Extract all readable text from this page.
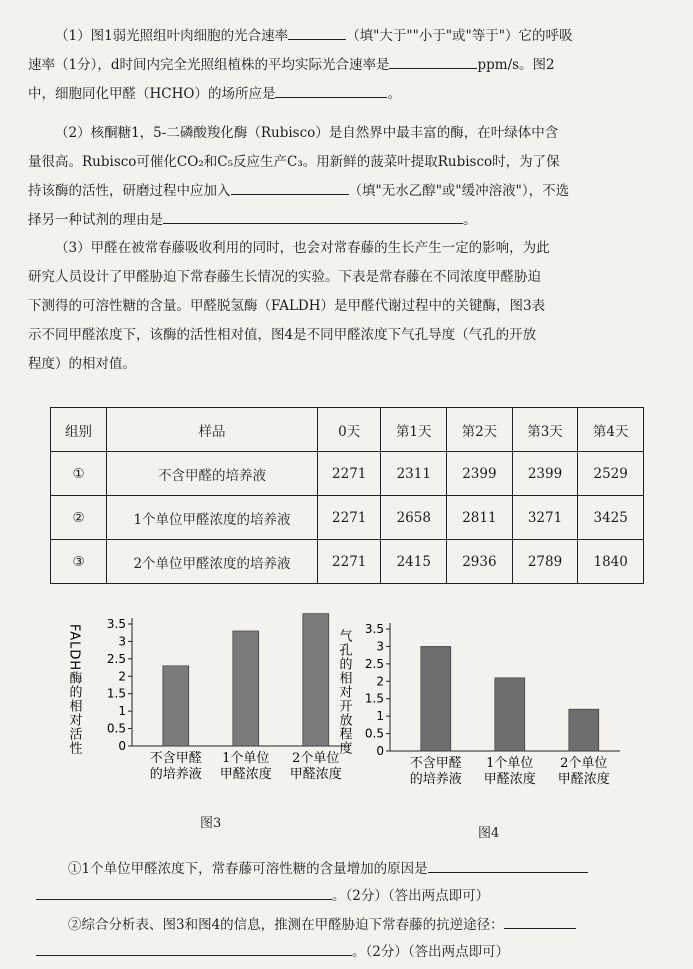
（1）图1弱光照组叶肉细胞的光合速率	（填"大于""小于"或"等于"）它的呼吸
速率（1分），d时间内完全光照组植株的平均实际光合速率是	ppm/s。图2
中，细胞同化甲醛（HCHO）的场所应是	。
（2）核酮糖1，5-二磷酸羧化酶（Rubisco）是自然界中最丰富的酶，在叶绿体中含
量很高。Rubisco可催化CO₂和C₅反应生产C₃。用新鲜的菠菜叶提取Rubisco时，为了保
持该酶的活性，研磨过程中应加入	（填"无水乙醇"或"缓冲溶液"），不选
择另一种试剂的理由是	。
（3）甲醛在被常春藤吸收利用的同时，也会对常春藤的生长产生一定的影响，为此
研究人员设计了甲醛胁迫下常春藤生长情况的实验。下表是常春藤在不同浓度甲醛胁迫
下测得的可溶性糖的含量。甲醛脱氢酶（FALDH）是甲醛代谢过程中的关键酶，图3表
示不同甲醛浓度下，该酶的活性相对值，图4是不同甲醛浓度下气孔导度（气孔的开放
程度）的相对值。
组别	样品	0天	第1天	第2天	第3天	第4天
①	不含甲醛的培养液	2271	2311	2399	2399	2529
②	1个单位甲醛浓度的培养液	2271	2658	2811	3271	3425
③	2个单位甲醛浓度的培养液	2271	2415	2936	2789	1840
FALDH酶的相对活性	0
0.5
1
1.5
2
2.5
3
3.5
不含甲醛
的培养液
1个单位
甲醛浓度
2个单位
甲醛浓度
图3
气孔的相对开放程度 0
0.5
1
1.5
2
2.5
3
3.5
不含甲醛
的培养液
1个单位
甲醛浓度
2个单位
甲醛浓度
图4
①1个单位甲醛浓度下，常春藤可溶性糖的含量增加的原因是
。（2分）（答出两点即可）
②综合分析表、图3和图4的信息，推测在甲醛胁迫下常春藤的抗逆途径：
。（2分）（答出两点即可）
